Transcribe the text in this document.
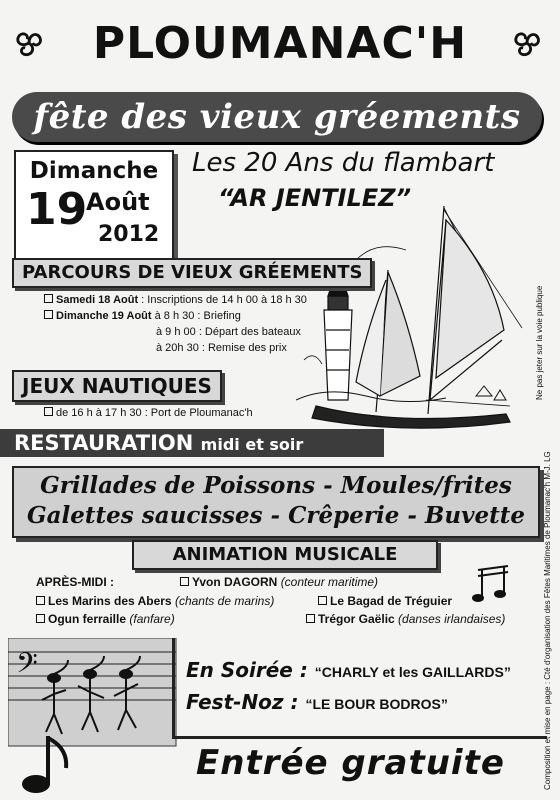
PLOUMANAC'H
fête des vieux gréements
Dimanche
19
Août
2012
Les 20 Ans du flambart
“AR JENTILEZ”
PARCOURS DE VIEUX GRÉEMENTS
Samedi 18 Août : Inscriptions de 14 h 00 à 18 h 30
Dimanche 19 Août à 8 h 30 : Briefing
à 9 h 00 : Départ des bateaux
à 20h 30 : Remise des prix
JEUX NAUTIQUES
de 16 h à 17 h 30 : Port de Ploumanac'h
RESTAURATION midi et soir
Grillades de Poissons - Moules/frites
Galettes saucisses - Crêperie - Buvette
ANIMATION MUSICALE
APRÈS-MIDI :	Yvon DAGORN (conteur maritime)
Les Marins des Abers (chants de marins)	Le Bagad de Tréguier
Ogun ferraille (fanfare)	Trégor Gaëlic (danses irlandaises)
𝄢	En Soirée : “CHARLY et les GAILLARDS”
Fest-Noz : “LE BOUR BODROS”
Entrée gratuite
Ne pas jeter sur la voie publique
Composition et mise en page : Cté d'organisation des Fêtes Maritimes de Ploumanac'h M-J. LG
